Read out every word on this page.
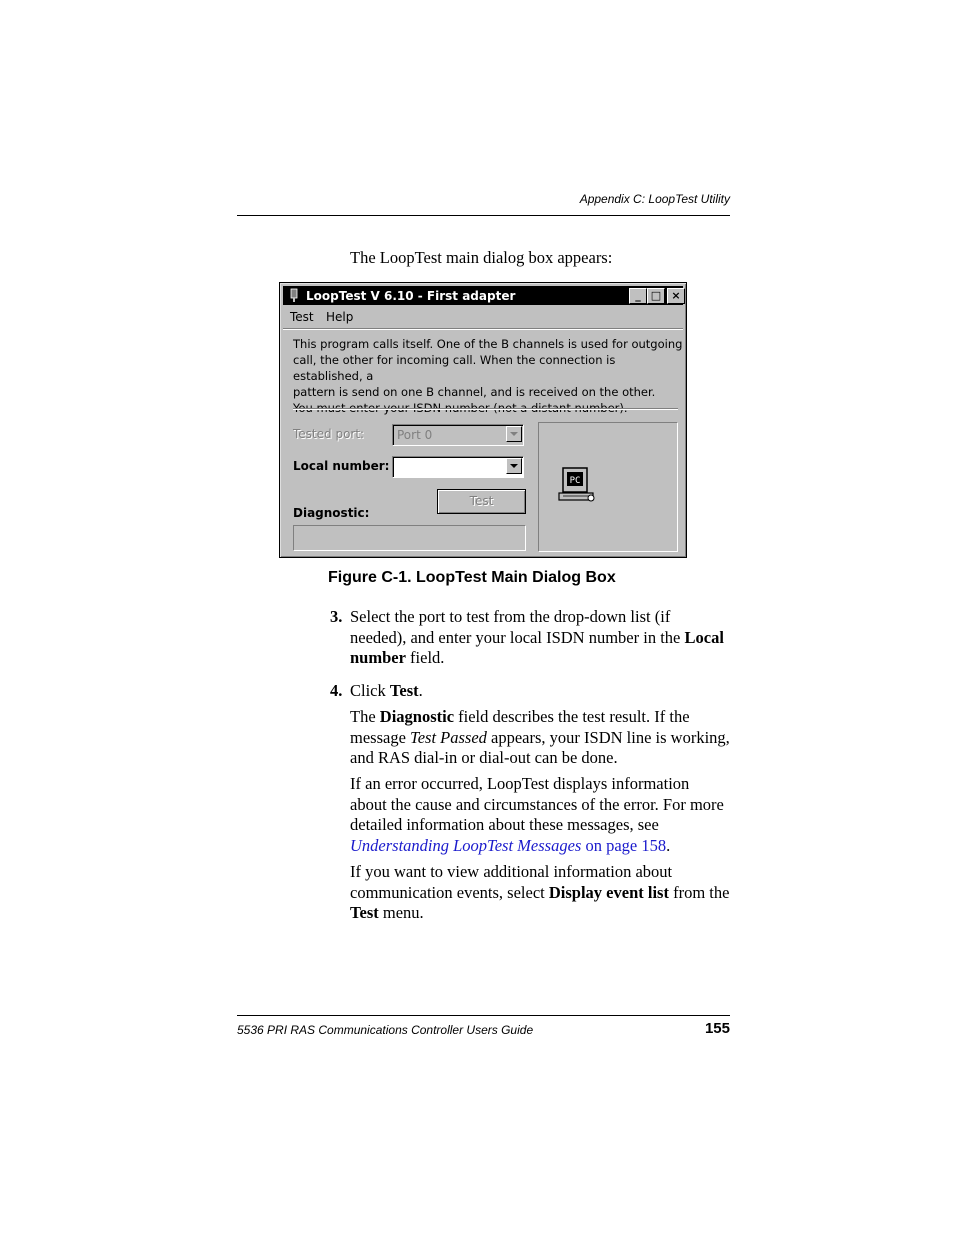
Appendix C: LoopTest Utility
The LoopTest main dialog box appears:
LoopTest V 6.10 - First adapter	_ □ ×
Test Help
This program calls itself. One of the B channels is used for outgoing
call, the other for incoming call. When the connection is established, a
pattern is send on one B channel, and is received on the other.
You must enter your ISDN number (not a distant number).
Tested port:	Port 0
Local number:
Test
Diagnostic:
PC
Figure C-1. LoopTest Main Dialog Box
3. Select the port to test from the drop-down list (if needed), and enter your local ISDN number in the Local number field.
4. Click Test.
The Diagnostic field describes the test result. If the message Test Passed appears, your ISDN line is working, and RAS dial-in or dial-out can be done.
If an error occurred, LoopTest displays information about the cause and circumstances of the error. For more detailed information about these messages, see Understanding LoopTest Messages on page 158.
If you want to view additional information about communication events, select Display event list from the Test menu.
5536 PRI RAS Communications Controller Users Guide	155
